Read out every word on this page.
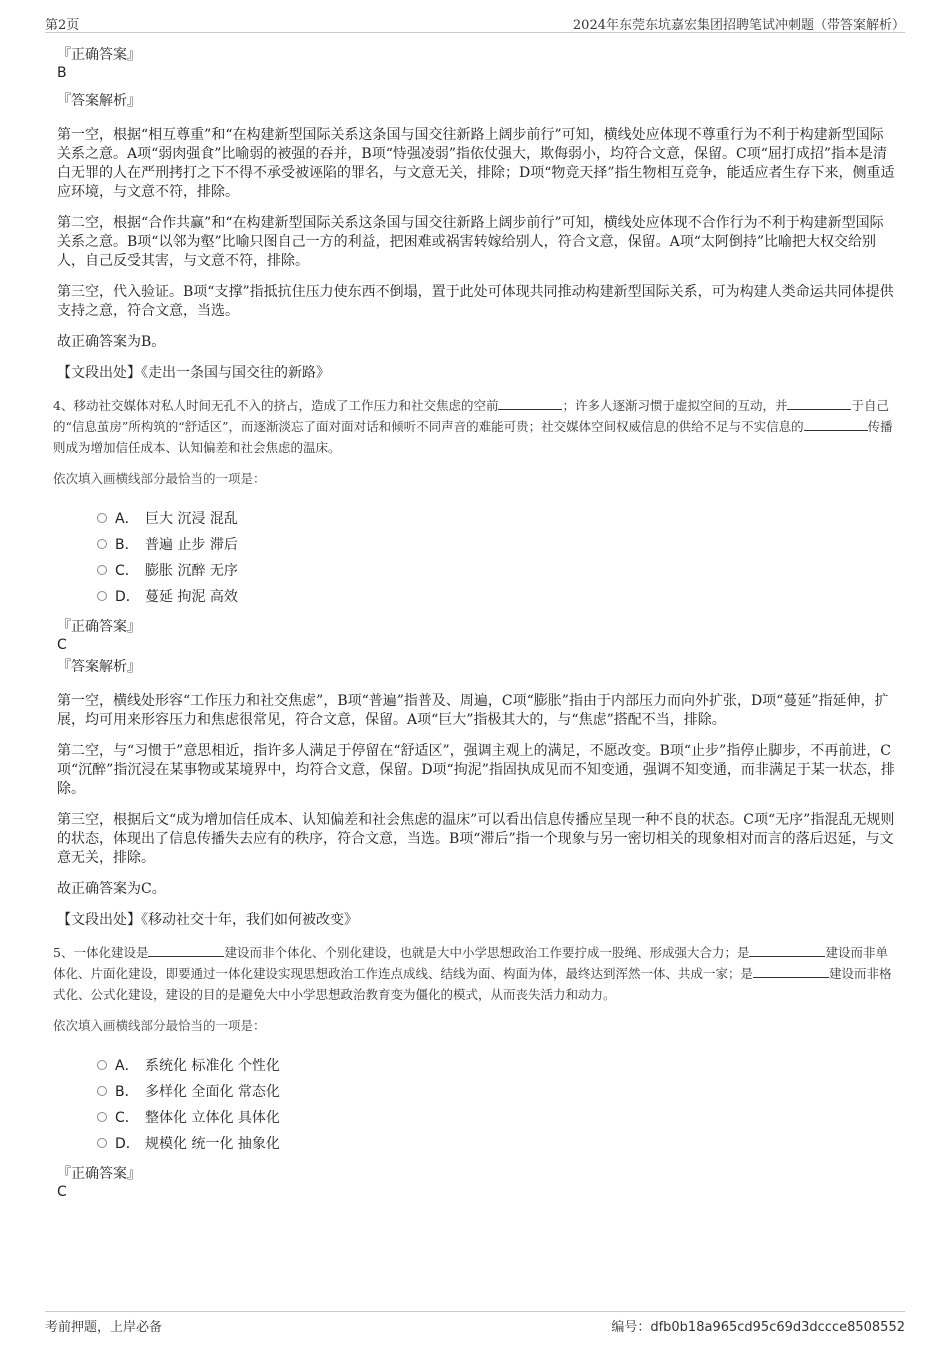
第2页	2024年东莞东坑嘉宏集团招聘笔试冲刺题（带答案解析）
『正确答案』
B
『答案解析』

第一空，根据“相互尊重”和“在构建新型国际关系这条国与国交往新路上阔步前行”可知，横线处应体现不尊重行为不利于构建新型国际关系之意。A项“弱肉强食”比喻弱的被强的吞并，B项“恃强凌弱”指依仗强大，欺侮弱小，均符合文意，保留。C项“屈打成招”指本是清白无罪的人在严刑拷打之下不得不承受被诬陷的罪名，与文意无关，排除；D项“物竞天择”指生物相互竞争，能适应者生存下来，侧重适应环境，与文意不符，排除。

第二空，根据“合作共赢”和“在构建新型国际关系这条国与国交往新路上阔步前行”可知，横线处应体现不合作行为不利于构建新型国际关系之意。B项“以邻为壑”比喻只图自己一方的利益，把困难或祸害转嫁给别人，符合文意，保留。A项“太阿倒持”比喻把大权交给别人，自己反受其害，与文意不符，排除。

第三空，代入验证。B项“支撑”指抵抗住压力使东西不倒塌，置于此处可体现共同推动构建新型国际关系，可为构建人类命运共同体提供支持之意，符合文意，当选。

故正确答案为B。

【文段出处】《走出一条国与国交往的新路》

4、移动社交媒体对私人时间无孔不入的挤占，造成了工作压力和社交焦虑的空前	；许多人逐渐习惯于虚拟空间的互动，并	于自己的“信息茧房”所构筑的“舒适区”，而逐渐淡忘了面对面对话和倾听不同声音的难能可贵；社交媒体空间权威信息的供给不足与不实信息的	传播则成为增加信任成本、认知偏差和社会焦虑的温床。
依次填入画横线部分最恰当的一项是：
A． 巨大 沉浸 混乱
B． 普遍 止步 滞后
C． 膨胀 沉醉 无序
D． 蔓延 拘泥 高效
『正确答案』
C
『答案解析』

第一空，横线处形容“工作压力和社交焦虑”，B项“普遍”指普及、周遍，C项“膨胀”指由于内部压力而向外扩张，D项“蔓延”指延伸，扩展，均可用来形容压力和焦虑很常见，符合文意，保留。A项“巨大”指极其大的，与“焦虑”搭配不当，排除。

第二空，与“习惯于”意思相近，指许多人满足于停留在“舒适区”，强调主观上的满足，不愿改变。B项“止步”指停止脚步，不再前进，C项“沉醉”指沉浸在某事物或某境界中，均符合文意，保留。D项“拘泥”指固执成见而不知变通，强调不知变通，而非满足于某一状态，排除。

第三空，根据后文“成为增加信任成本、认知偏差和社会焦虑的温床”可以看出信息传播应呈现一种不良的状态。C项“无序”指混乱无规则的状态，体现出了信息传播失去应有的秩序，符合文意，当选。B项“滞后”指一个现象与另一密切相关的现象相对而言的落后迟延，与文意无关，排除。

故正确答案为C。

【文段出处】《移动社交十年，我们如何被改变》

5、一体化建设是	建设而非个体化、个别化建设，也就是大中小学思想政治工作要拧成一股绳、形成强大合力；是	建设而非单体化、片面化建设，即要通过一体化建设实现思想政治工作连点成线、结线为面、构面为体，最终达到浑然一体、共成一家；是	建设而非格式化、公式化建设，建设的目的是避免大中小学思想政治教育变为僵化的模式，从而丧失活力和动力。
依次填入画横线部分最恰当的一项是：
A． 系统化 标准化 个性化
B． 多样化 全面化 常态化
C． 整体化 立体化 具体化
D． 规模化 统一化 抽象化
『正确答案』
C
考前押题，上岸必备	编号：dfb0b18a965cd95c69d3dccce8508552
